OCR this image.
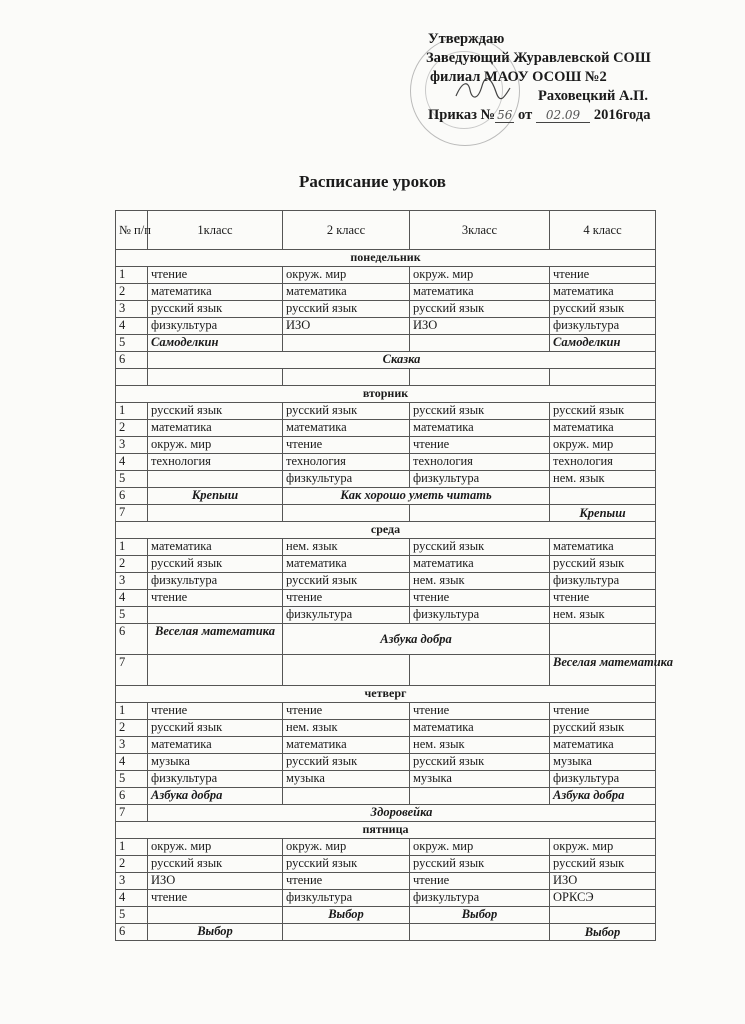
Утверждаю
Заведующий Журавлевской СОШ
филиал МАОУ ОСОШ №2
Раховецкий А.П.
Приказ № 56 от 02.09 2016года
Расписание уроков
№ п/п	1класс	2 класс	3класс	4 класс
понедельник				
1	чтение	окруж. мир	окруж. мир	чтение
2	математика	математика	математика	математика
3	русский язык	русский язык	русский язык	русский язык
4	физкультура	ИЗО	ИЗО	физкультура
5	Самоделкин			Самоделкин
6	Сказка			

вторник				
1	русский язык	русский язык	русский язык	русский язык
2	математика	математика	математика	математика
3	окруж. мир	чтение	чтение	окруж. мир
4	технология	технология	технология	технология
5		физкультура	физкультура	нем. язык
6	Крепыш	Как хорошо уметь читать		
7				Крепыш
среда				
1	математика	нем. язык	русский язык	математика
2	русский язык	математика	математика	русский язык
3	физкультура	русский язык	нем. язык	физкультура
4	чтение	чтение	чтение	чтение
5		физкультура	физкультура	нем. язык
6	Веселая математика	Азбука добра		
7				Веселая математика
четверг				
1	чтение	чтение	чтение	чтение
2	русский язык	нем. язык	математика	русский язык
3	математика	математика	нем. язык	математика
4	музыка	русский язык	русский язык	музыка
5	физкультура	музыка	музыка	физкультура
6	Азбука добра			Азбука добра
7	Здоровейка			
пятница				
1	окруж. мир	окруж. мир	окруж. мир	окруж. мир
2	русский язык	русский язык	русский язык	русский язык
3	ИЗО	чтение	чтение	ИЗО
4	чтение	физкультура	физкультура	ОРКСЭ
5		Выбор	Выбор	
6	Выбор			Выбор
